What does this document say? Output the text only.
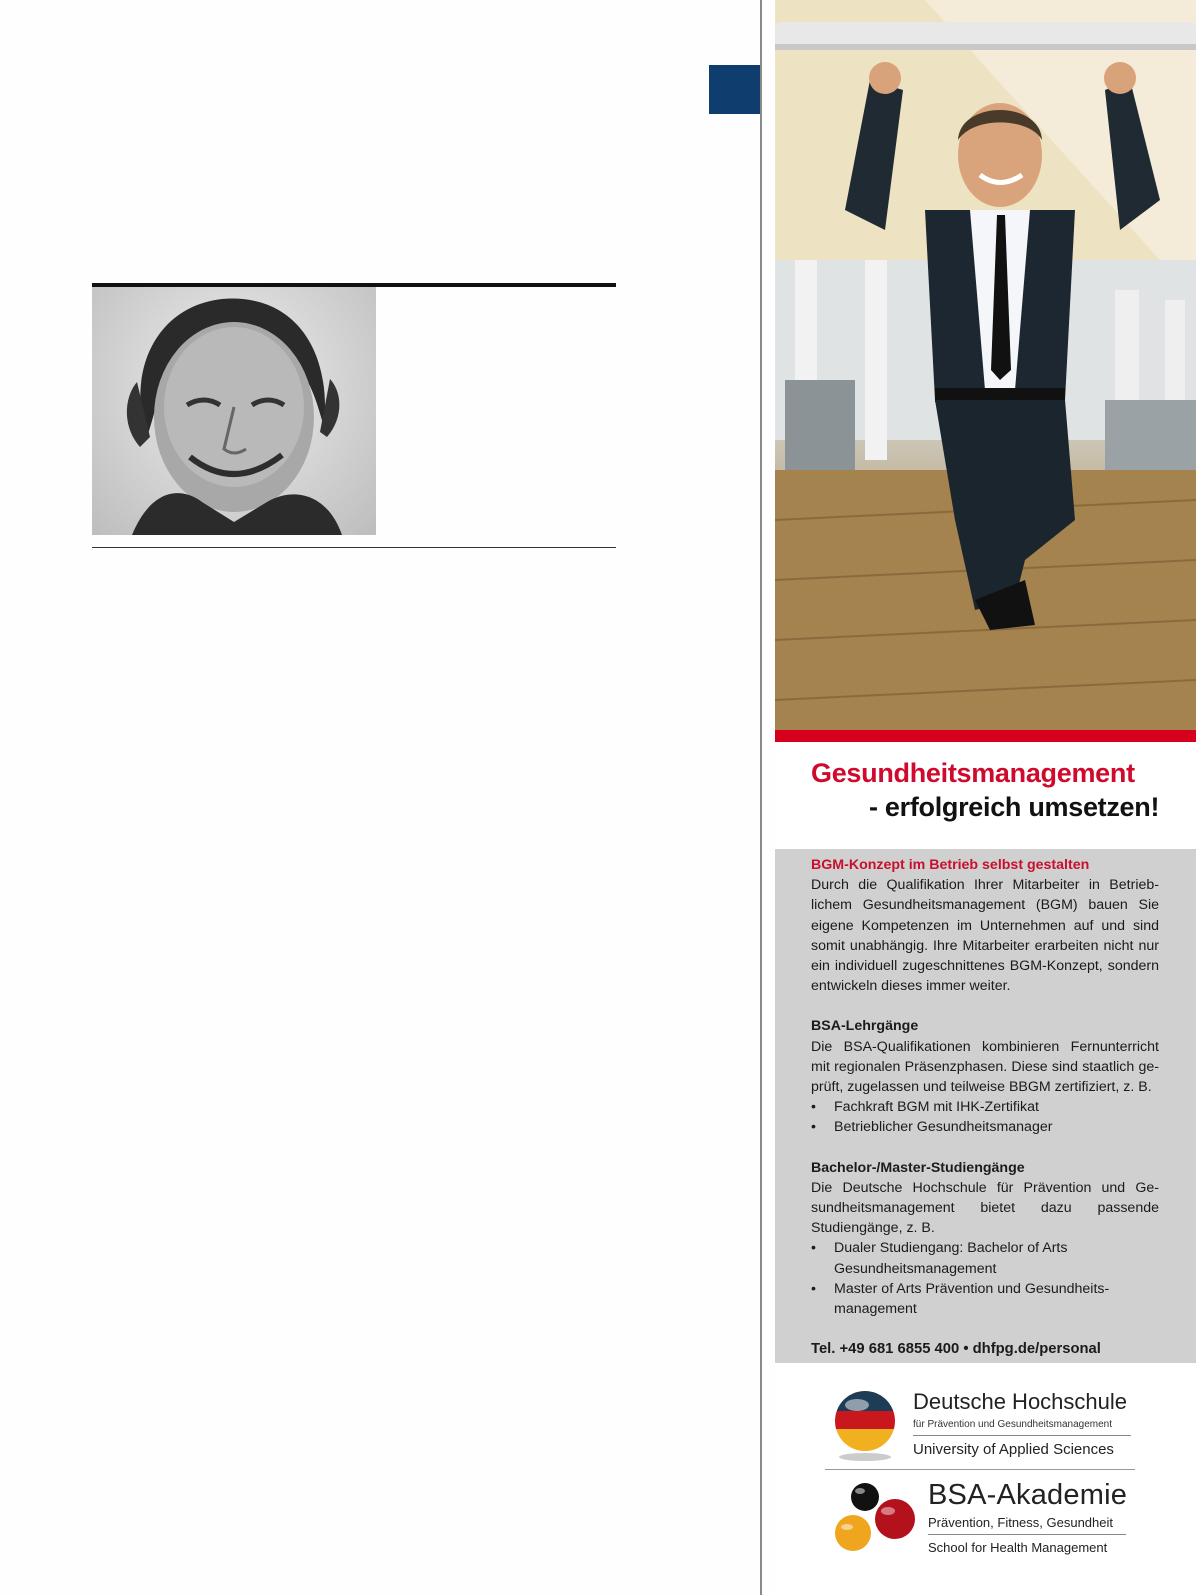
Gesundheitsmanagement
- erfolgreich umsetzen!

BGM-Konzept im Betrieb selbst gestalten

Durch die Qualifikation Ihrer Mitarbeiter in Betrieb-lichem Gesundheitsmanagement (BGM) bauen Sie eigene Kompetenzen im Unternehmen auf und sind somit unabhängig. Ihre Mitarbeiter erarbeiten nicht nur ein individuell zugeschnittenes BGM-Konzept, sondern entwickeln dieses immer weiter.

BSA-Lehrgänge

Die BSA-Qualifikationen kombinieren Fernunterricht mit regionalen Präsenzphasen. Diese sind staatlich ge-prüft, zugelassen und teilweise BBGM zertifiziert, z. B.

• Fachkraft BGM mit IHK-Zertifikat
• Betrieblicher Gesundheitsmanager

Bachelor-/Master-Studiengänge

Die Deutsche Hochschule für Prävention und Ge-sundheitsmanagement bietet dazu passende Studiengänge, z. B.

• Dualer Studiengang: Bachelor of Arts Gesundheitsmanagement
• Master of Arts Prävention und Gesundheits-management

Tel. +49 681 6855 400 • dhfpg.de/personal

Deutsche Hochschule
für Prävention und Gesundheitsmanagement
University of Applied Sciences
BSA-Akademie
Prävention, Fitness, Gesundheit
School for Health Management
